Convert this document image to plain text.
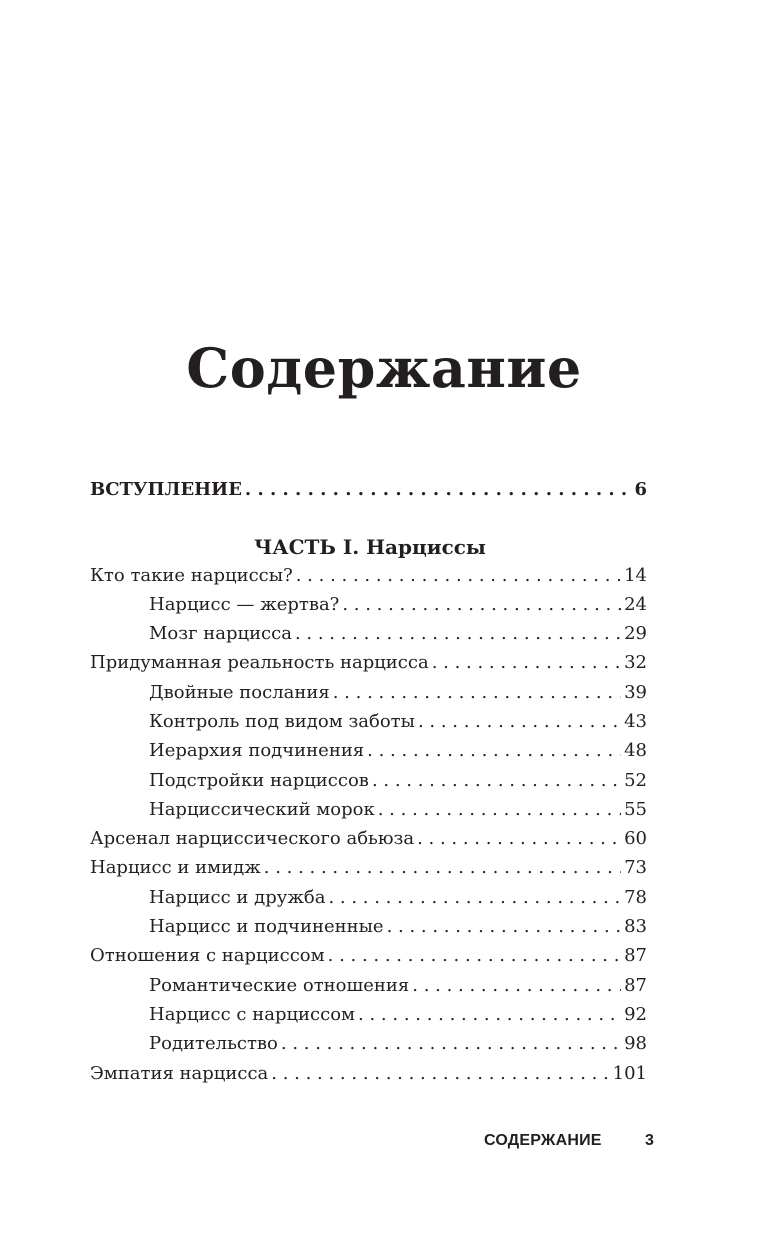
Содержание
ВСТУПЛЕНИЕ . . .	6
ЧАСТЬ I. Нарциссы
Кто такие нарциссы? . . .	14
Нарцисс — жертва? . . .	24
Мозг нарцисса . . .	29
Придуманная реальность нарцисса . . .	32
Двойные послания . . .	39
Контроль под видом заботы . . .	43
Иерархия подчинения . . .	48
Подстройки нарциссов . . .	52
Нарциссический морок . . .	55
Арсенал нарциссического абьюза . . .	60
Нарцисс и имидж . . .	73
Нарцисс и дружба . . .	78
Нарцисс и подчиненные . . .	83
Отношения с нарциссом . . .	87
Романтические отношения . . .	87
Нарцисс с нарциссом . . .	92
Родительство . . .	98
Эмпатия нарцисса . . .	101
СОДЕРЖАНИЕ	3
